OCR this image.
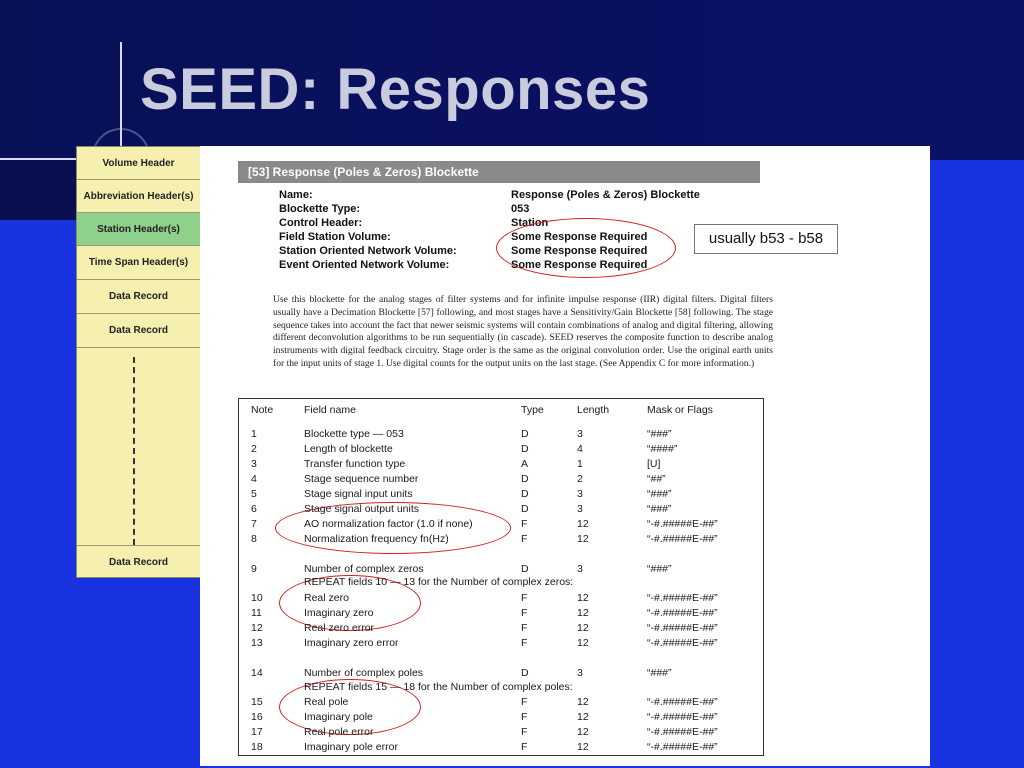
SEED: Responses
Volume Header
Abbreviation Header(s)
Station Header(s)
Time Span Header(s)
Data Record
Data Record
Data Record
[53] Response (Poles & Zeros) Blockette
Name:	Response (Poles & Zeros) Blockette
Blockette Type:	053
Control Header:	Station
Field Station Volume:	Some Response Required
Station Oriented Network Volume:	Some Response Required
Event Oriented Network Volume:	Some Response Required
usually b53 - b58

Use this blockette for the analog stages of filter systems and for infinite impulse response (IIR) digital filters. Digital filters usually have a Decimation Blockette [57] following, and most stages have a Sensitivity/Gain Blockette [58] following. The stage sequence takes into account the fact that newer seismic systems will contain combinations of analog and digital filtering, allowing different deconvolution algorithms to be run sequentially (in cascade). SEED reserves the composite function to describe analog instruments with digital feedback circuitry. Stage order is the same as the original convolution order. Use the original earth units for the input units of stage 1. Use digital counts for the output units on the last stage. (See Appendix C for more information.)

Note	Field name	Type	Length	Mask or Flags
1	Blockette type — 053	D	3	“###”
2	Length of blockette	D	4	“####”
3	Transfer function type	A	1	[U]
4	Stage sequence number	D	2	“##”
5	Stage signal input units	D	3	“###”
6	Stage signal output units	D	3	“###”
7	AO normalization factor (1.0 if none)	F	12	“-#.#####E-##”
8	Normalization frequency fn(Hz)	F	12	“-#.#####E-##”
9	Number of complex zeros	D	3	“###”
REPEAT fields 10 — 13 for the Number of complex zeros:
10	Real zero	F	12	“-#.#####E-##”
11	Imaginary zero	F	12	“-#.#####E-##”
12	Real zero error	F	12	“-#.#####E-##”
13	Imaginary zero error	F	12	“-#.#####E-##”
14	Number of complex poles	D	3	“###”
REPEAT fields 15 — 18 for the Number of complex poles:
15	Real pole	F	12	“-#.#####E-##”
16	Imaginary pole	F	12	“-#.#####E-##”
17	Real pole error	F	12	“-#.#####E-##”
18	Imaginary pole error	F	12	“-#.#####E-##”
